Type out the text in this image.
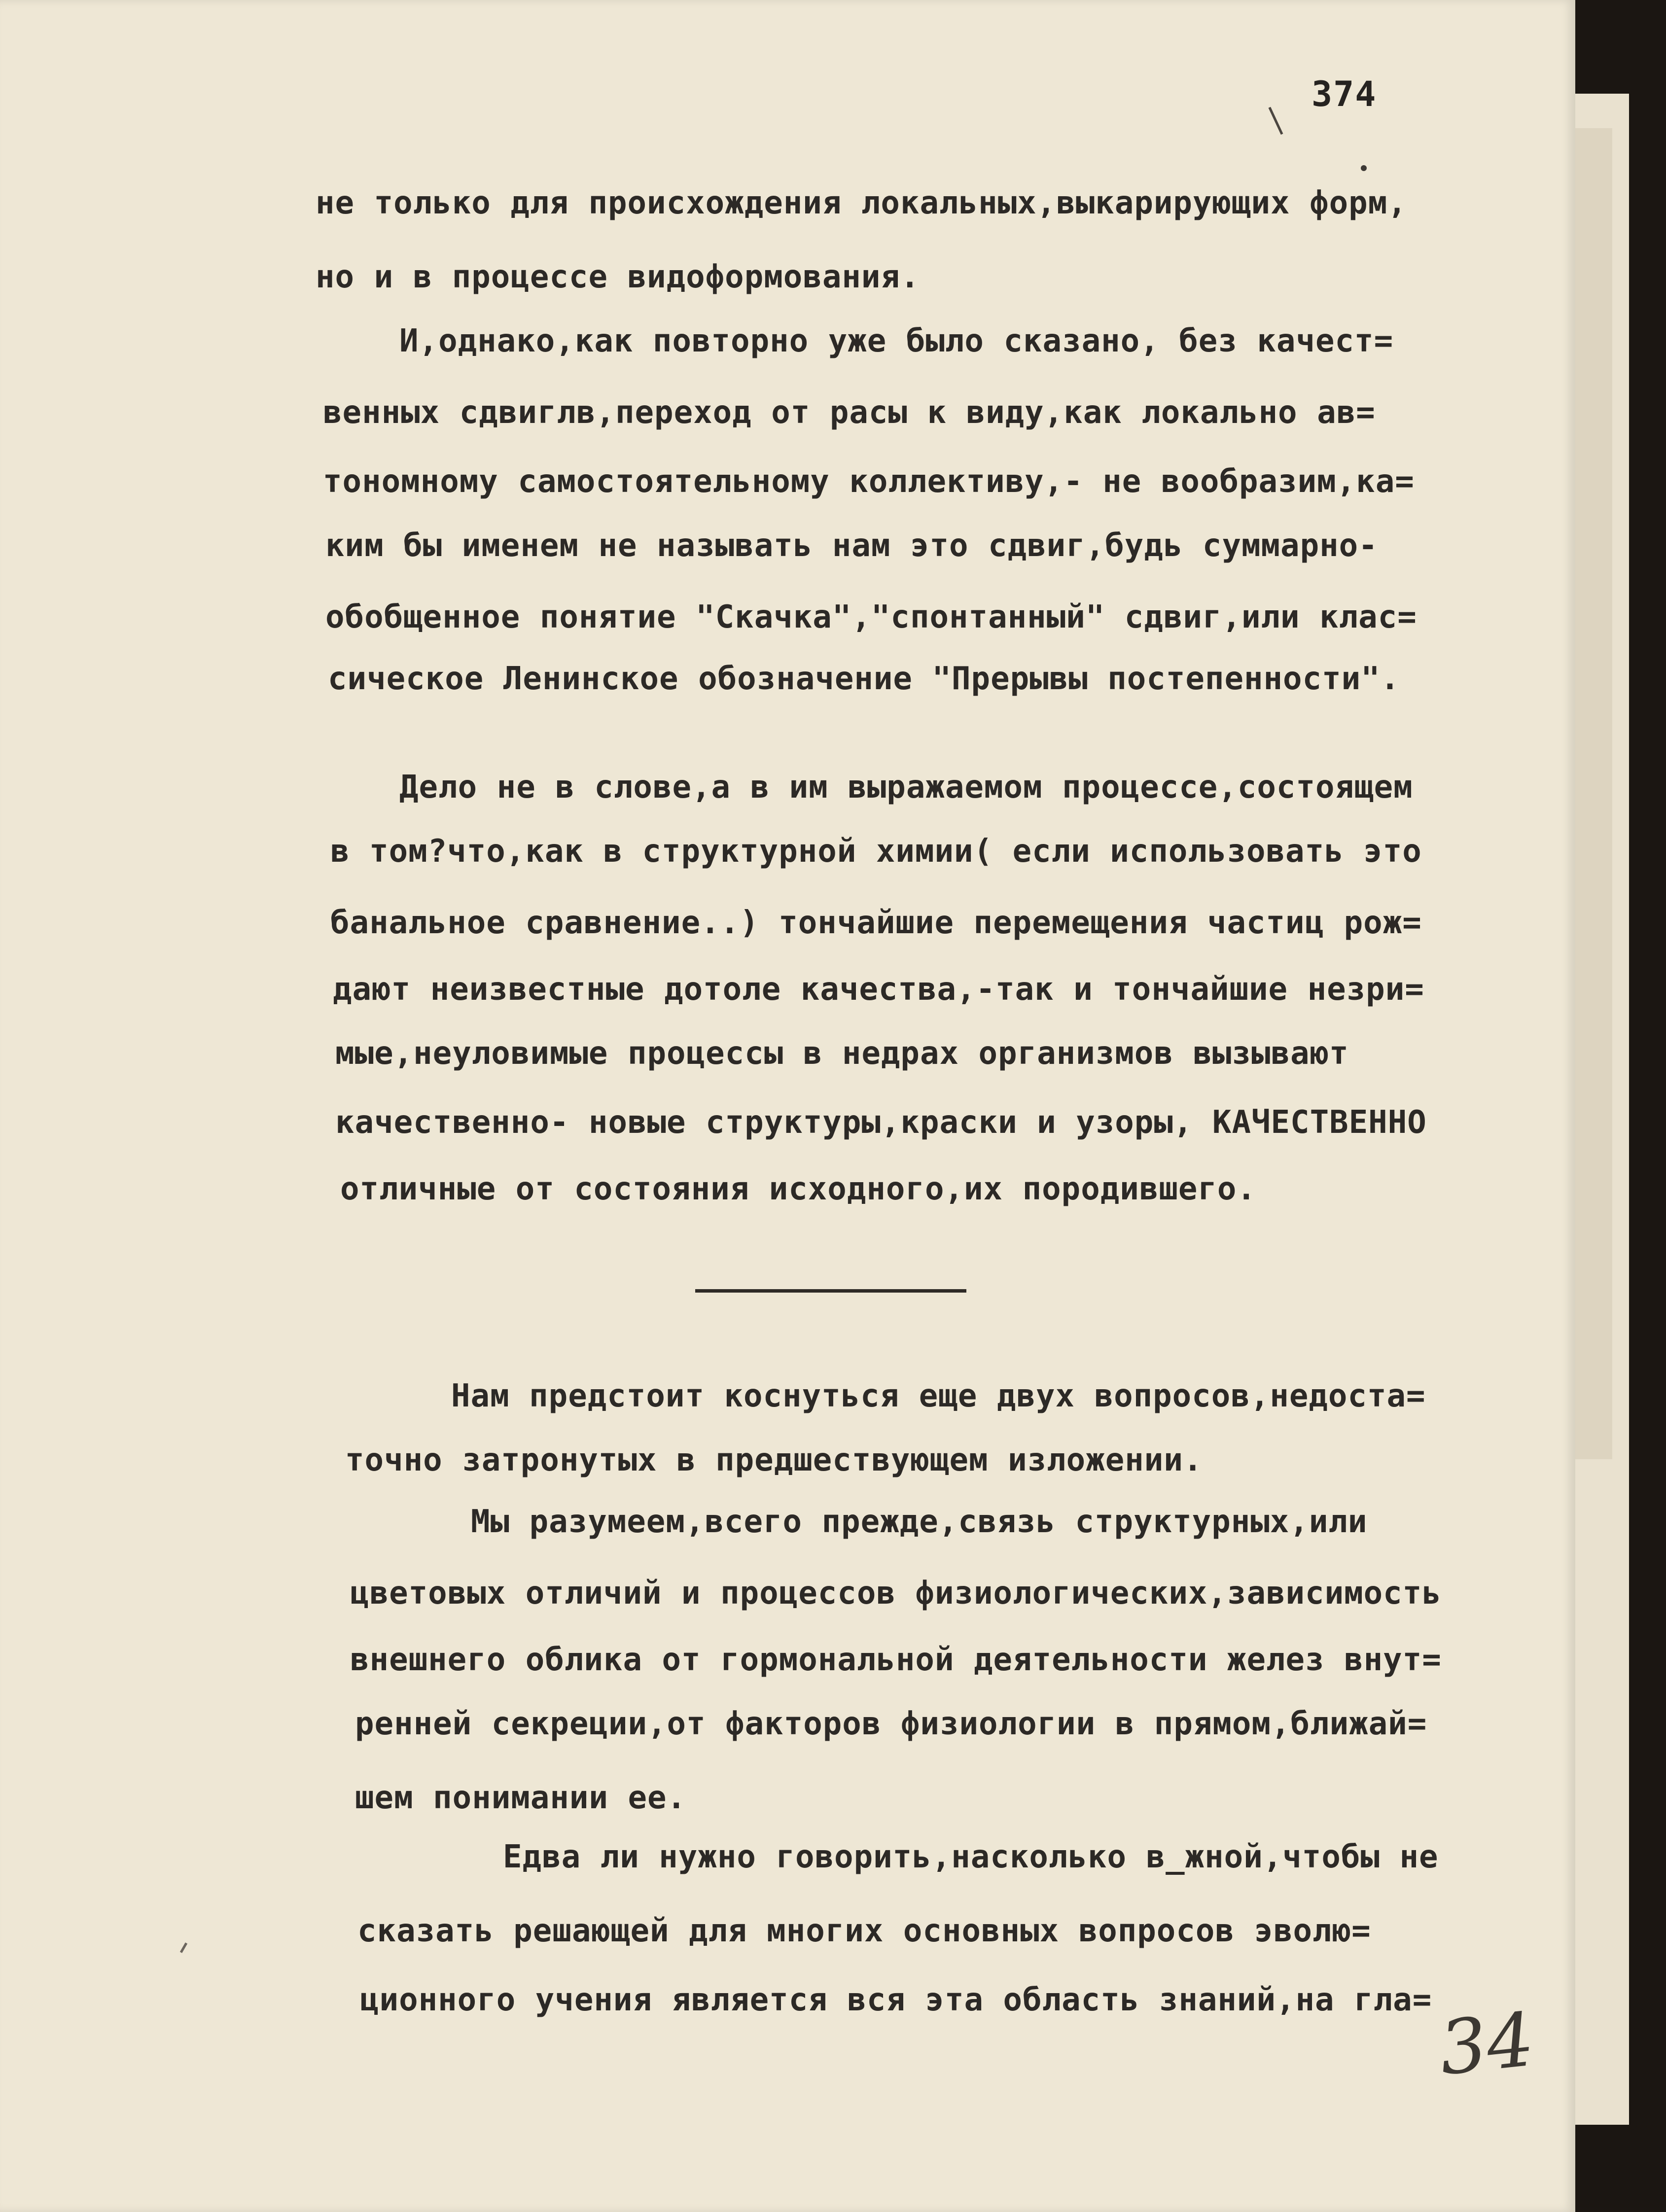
374
не только для происхождения локальных,выкарирующих форм,
но и в процессе видоформования.
И,однако,как повторно уже было сказано, без качест=
венных сдвиглв,переход от расы к виду,как локально ав=
тономному самостоятельному коллективу,- не вообразим,ка=
ким бы именем не называть нам это сдвиг,будь суммарно-
обобщенное понятие "Скачка","спонтанный" сдвиг,или клас=
сическое Ленинское обозначение "Прерывы постепенности".
Дело не в слове,а в им выражаемом процессе,состоящем
в том?что,как в структурной химии( если использовать это
банальное сравнение..) тончайшие перемещения частиц рож=
дают неизвестные дотоле качества,-так и тончайшие незри=
мые,неуловимые процессы в недрах организмов вызывают
качественно- новые структуры,краски и узоры, КАЧЕСТВЕННО
отличные от состояния исходного,их породившего.
Нам предстоит коснуться еще двух вопросов,недоста=
точно затронутых в предшествующем изложении.
Мы разумеем,всего прежде,связь структурных,или
цветовых отличий и процессов физиологических,зависимость
внешнего облика от гормональной деятельности желез внут=
ренней секреции,от факторов физиологии в прямом,ближай=
шем понимании ее.
Едва ли нужно говорить,насколько в_жной,чтобы не
сказать решающей для многих основных вопросов эволю=
ционного учения является вся эта область знаний,на гла= 34
